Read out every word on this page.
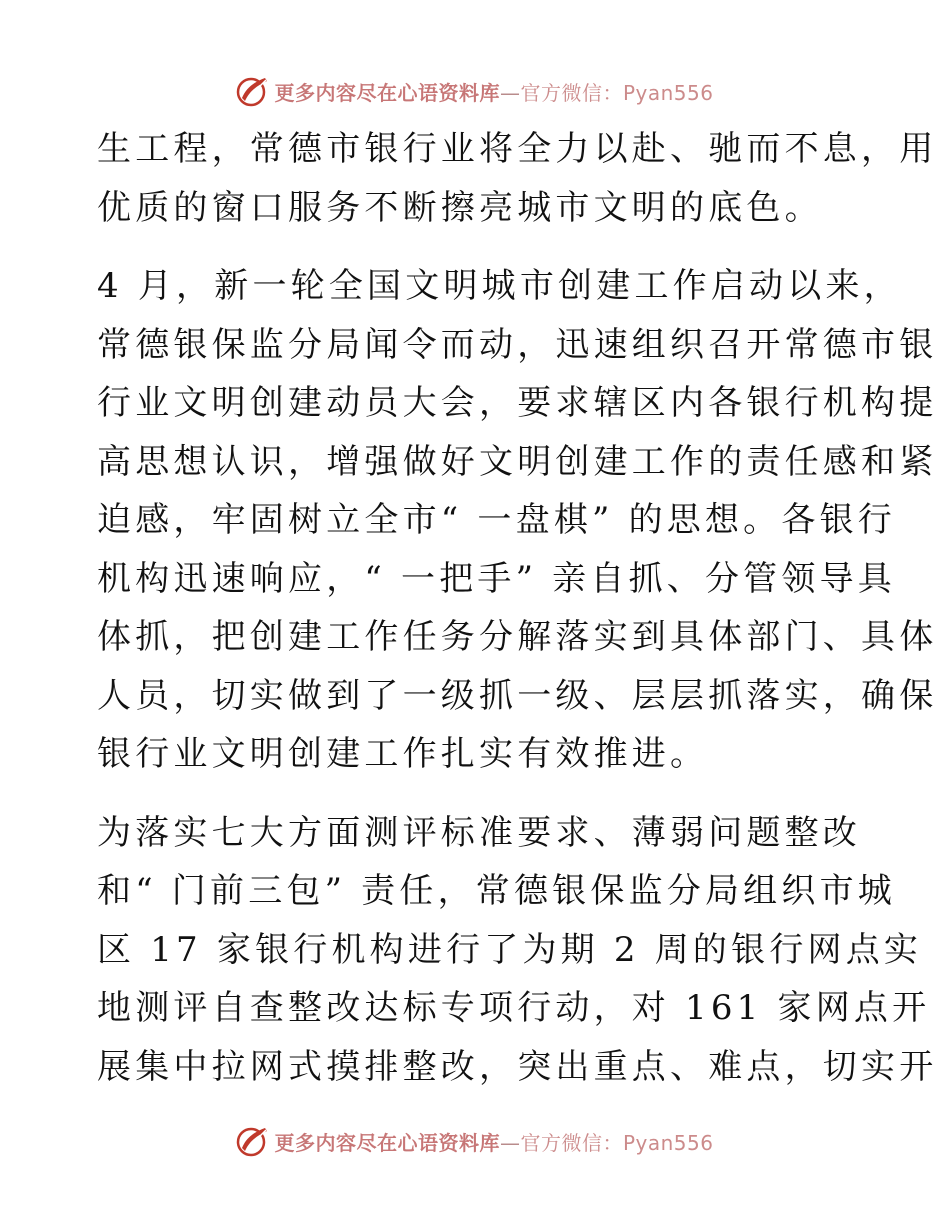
更多内容尽在心语资料库—官方微信：Pyan556
生工程，常德市银行业将全力以赴、驰而不息，用
优质的窗口服务不断擦亮城市文明的底色。
4 月，新一轮全国文明城市创建工作启动以来，
常德银保监分局闻令而动，迅速组织召开常德市银
行业文明创建动员大会，要求辖区内各银行机构提
高思想认识，增强做好文明创建工作的责任感和紧
迫感，牢固树立全市“ 一盘棋” 的思想。各银行
机构迅速响应，“ 一把手” 亲自抓、分管领导具
体抓，把创建工作任务分解落实到具体部门、具体
人员，切实做到了一级抓一级、层层抓落实，确保
银行业文明创建工作扎实有效推进。
为落实七大方面测评标准要求、薄弱问题整改
和“ 门前三包” 责任，常德银保监分局组织市城
区 17 家银行机构进行了为期 2 周的银行网点实
地测评自查整改达标专项行动，对 161 家网点开
展集中拉网式摸排整改，突出重点、难点，切实开
更多内容尽在心语资料库—官方微信：Pyan556
